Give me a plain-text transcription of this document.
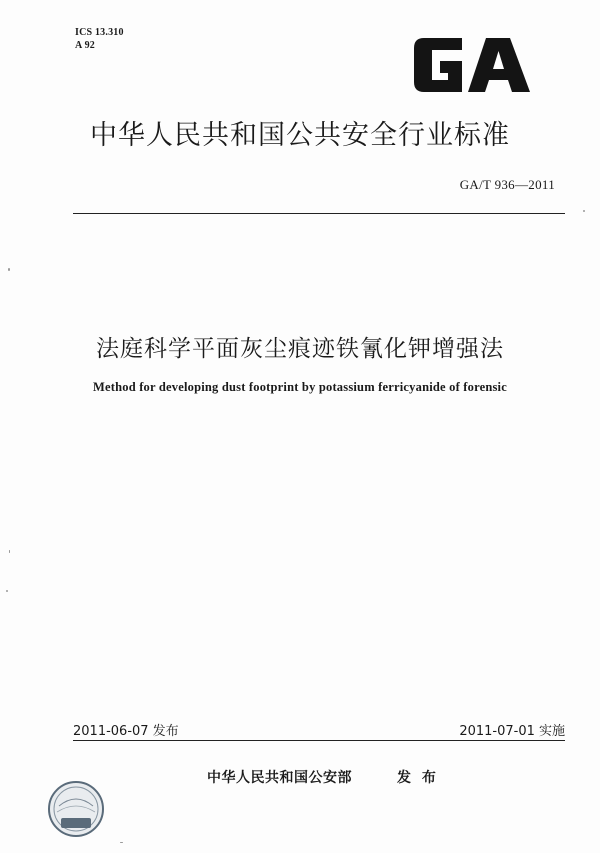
ICS 13.310
A 92
中华人民共和国公共安全行业标准
GA/T 936—2011
法庭科学平面灰尘痕迹铁氰化钾增强法
Method for developing dust footprint by potassium ferricyanide of forensic
2011-06-07 发布	2011-07-01 实施
中华人民共和国公安部	发 布
